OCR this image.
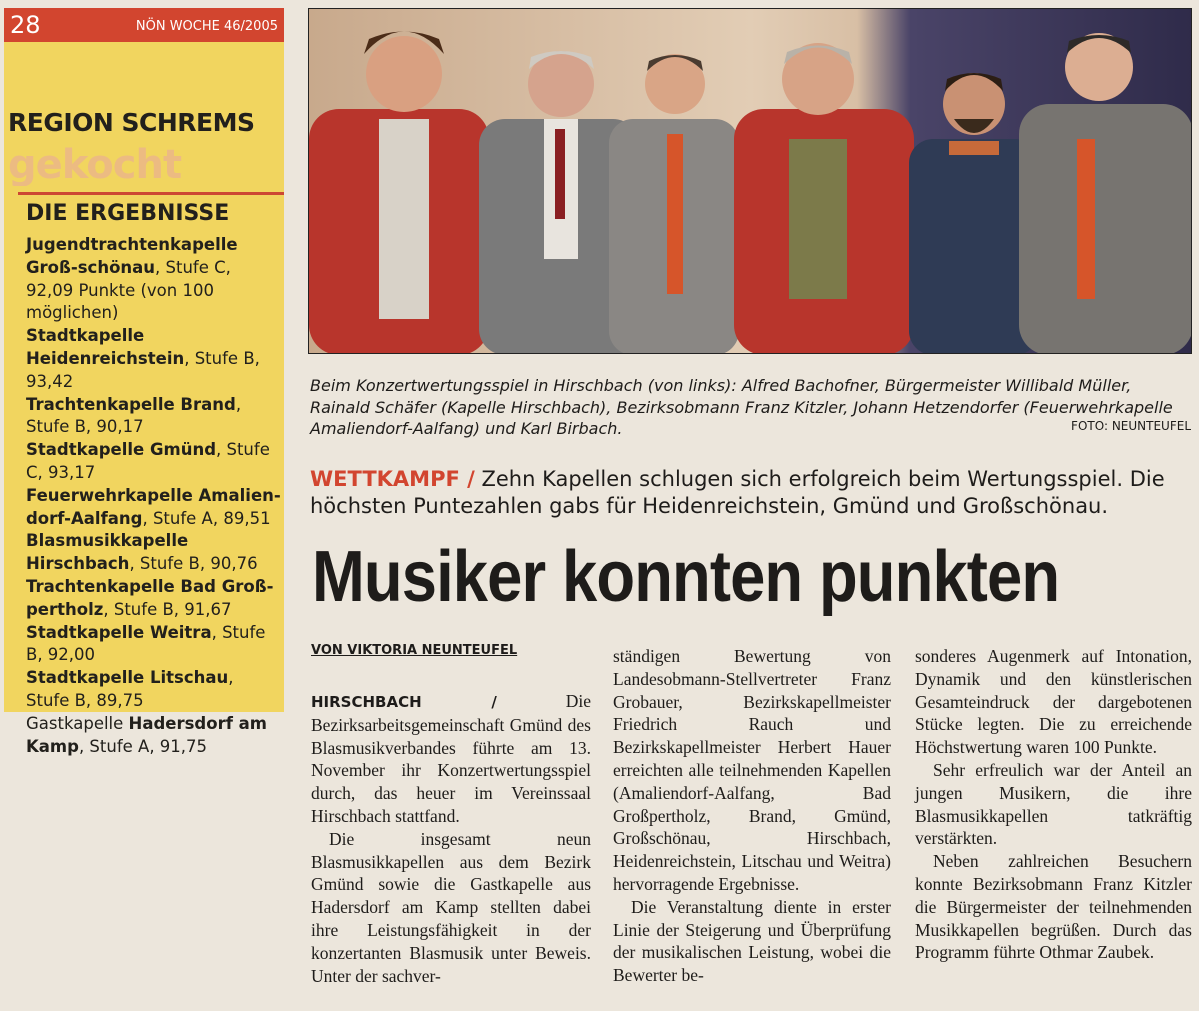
28	NÖN WOCHE 46/2005
REGION SCHREMS
gekocht
DIE ERGEBNISSE
Jugendtrachtenkapelle Groß-schönau, Stufe C, 92,09 Punkte (von 100 möglichen)
Stadtkapelle Heidenreichstein, Stufe B, 93,42
Trachtenkapelle Brand, Stufe B, 90,17
Stadtkapelle Gmünd, Stufe C, 93,17
Feuerwehrkapelle Amalien-dorf-Aalfang, Stufe A, 89,51
Blasmusikkapelle Hirschbach, Stufe B, 90,76
Trachtenkapelle Bad Groß-pertholz, Stufe B, 91,67
Stadtkapelle Weitra, Stufe B, 92,00
Stadtkapelle Litschau, Stufe B, 89,75
Gastkapelle Hadersdorf am Kamp, Stufe A, 91,75
Beim Konzertwertungsspiel in Hirschbach (von links): Alfred Bachofner, Bürgermeister Willibald Müller, Rainald Schäfer (Kapelle Hirschbach), Bezirksobmann Franz Kitzler, Johann Hetzendorfer (Feuerwehrkapelle Amaliendorf-Aalfang) und Karl Birbach.	FOTO: NEUNTEUFEL
WETTKAMPF / Zehn Kapellen schlugen sich erfolgreich beim Wertungsspiel. Die höchsten Puntezahlen gabs für Heidenreichstein, Gmünd und Großschönau.
Musiker konnten punkten
VON VIKTORIA NEUNTEUFEL

HIRSCHBACH /	Die Bezirksarbeitsgemeinschaft Gmünd des Blasmusikverbandes führte am 13. November ihr Konzertwertungsspiel durch, das heuer im Vereinssaal Hirschbach stattfand.

Die insgesamt neun Blasmusikkapellen aus dem Bezirk Gmünd sowie die Gastkapelle aus Hadersdorf am Kamp stellten dabei ihre Leistungsfähigkeit in der konzertanten Blasmusik unter Beweis. Unter der sachver-

ständigen Bewertung von Landesobmann-Stellvertreter Franz Grobauer, Bezirkskapellmeister Friedrich Rauch und Bezirkskapellmeister Herbert Hauer erreichten alle teilnehmenden Kapellen (Amaliendorf-Aalfang, Bad Großpertholz, Brand, Gmünd, Großschönau, Hirschbach, Heidenreichstein, Litschau und Weitra) hervorragende Ergebnisse.

Die Veranstaltung diente in erster Linie der Steigerung und Überprüfung der musikalischen Leistung, wobei die Bewerter be-

sonderes Augenmerk auf Intonation, Dynamik und den künstlerischen Gesamteindruck der dargebotenen Stücke legten. Die zu erreichende Höchstwertung waren 100 Punkte.

Sehr erfreulich war der Anteil an jungen Musikern, die ihre Blasmusikkapellen tatkräftig verstärkten.

Neben zahlreichen Besuchern konnte Bezirksobmann Franz Kitzler die Bürgermeister der teilnehmenden Musikkapellen begrüßen. Durch das Programm führte Othmar Zaubek.
